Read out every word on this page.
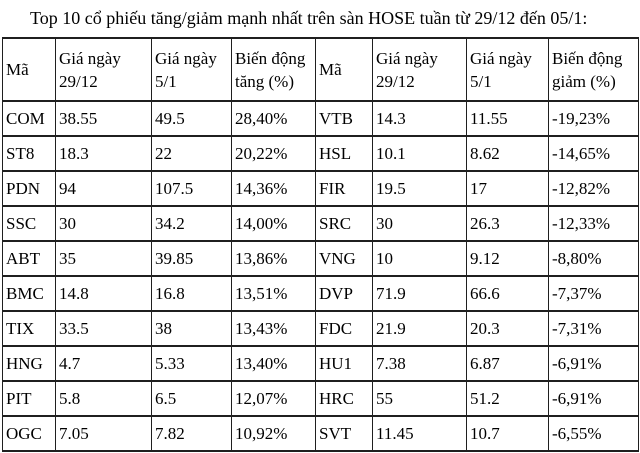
Top 10 cổ phiếu tăng/giảm mạnh nhất trên sàn HOSE tuần từ 29/12 đến 05/1:
Mã	Giá ngày 29/12	Giá ngày 5/1	Biến động tăng (%)	Mã	Giá ngày 29/12	Giá ngày 5/1	Biến động giảm (%)
COM	38.55	49.5	28,40%	VTB	14.3	11.55	-19,23%
ST8	18.3	22	20,22%	HSL	10.1	8.62	-14,65%
PDN	94	107.5	14,36%	FIR	19.5	17	-12,82%
SSC	30	34.2	14,00%	SRC	30	26.3	-12,33%
ABT	35	39.85	13,86%	VNG	10	9.12	-8,80%
BMC	14.8	16.8	13,51%	DVP	71.9	66.6	-7,37%
TIX	33.5	38	13,43%	FDC	21.9	20.3	-7,31%
HNG	4.7	5.33	13,40%	HU1	7.38	6.87	-6,91%
PIT	5.8	6.5	12,07%	HRC	55	51.2	-6,91%
OGC	7.05	7.82	10,92%	SVT	11.45	10.7	-6,55%
